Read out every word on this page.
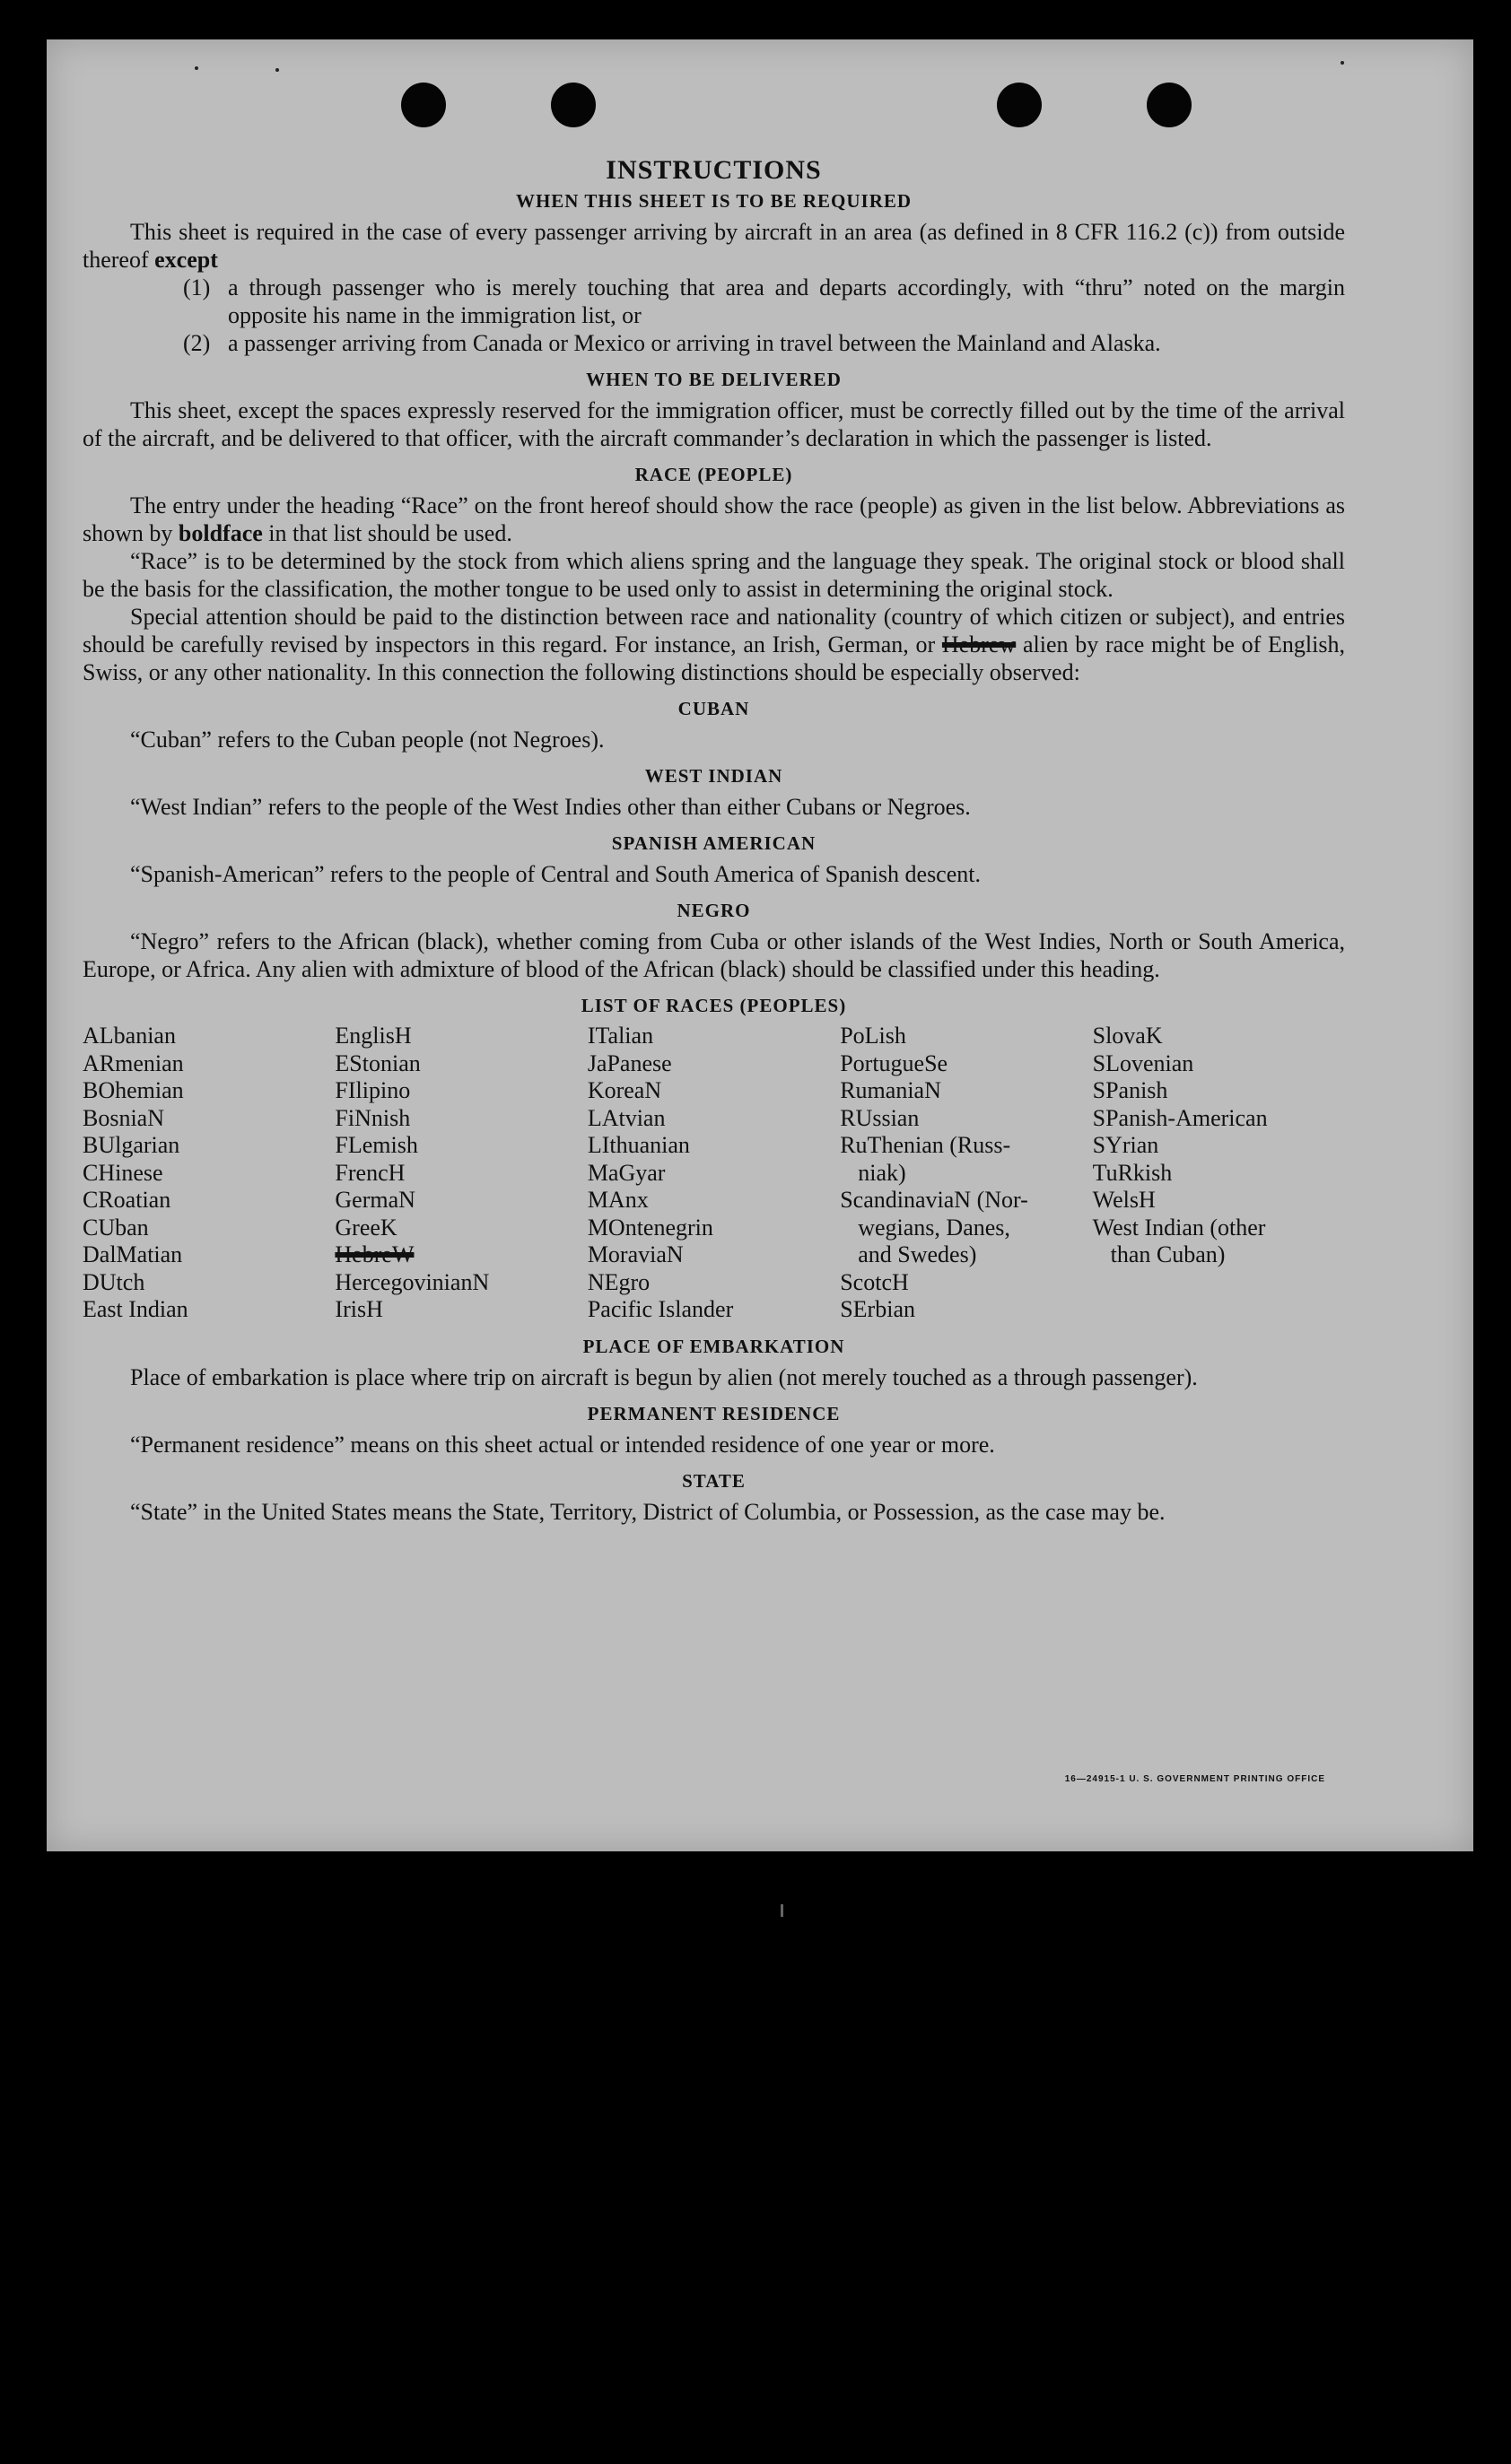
INSTRUCTIONS
WHEN THIS SHEET IS TO BE REQUIRED

This sheet is required in the case of every passenger arriving by aircraft in an area (as defined in 8 CFR 116.2 (c)) from outside thereof except

(1) a through passenger who is merely touching that area and departs accordingly, with “thru” noted on the margin opposite his name in the immigration list, or
(2) a passenger arriving from Canada or Mexico or arriving in travel between the Mainland and Alaska.
WHEN TO BE DELIVERED

This sheet, except the spaces expressly reserved for the immigration officer, must be correctly filled out by the time of the arrival of the aircraft, and be delivered to that officer, with the aircraft commander’s declaration in which the passenger is listed.

RACE (PEOPLE)

The entry under the heading “Race” on the front hereof should show the race (people) as given in the list below. Abbreviations as shown by boldface in that list should be used.

“Race” is to be determined by the stock from which aliens spring and the language they speak. The original stock or blood shall be the basis for the classification, the mother tongue to be used only to assist in determining the original stock.

Special attention should be paid to the distinction between race and nationality (country of which citizen or subject), and entries should be carefully revised by inspectors in this regard. For instance, an Irish, German, or Hebrew alien by race might be of English, Swiss, or any other nationality. In this connection the following distinctions should be especially observed:

CUBAN

“Cuban” refers to the Cuban people (not Negroes).

WEST INDIAN

“West Indian” refers to the people of the West Indies other than either Cubans or Negroes.

SPANISH AMERICAN

“Spanish-American” refers to the people of Central and South America of Spanish descent.

NEGRO

“Negro” refers to the African (black), whether coming from Cuba or other islands of the West Indies, North or South America, Europe, or Africa. Any alien with admixture of blood of the African (black) should be classified under this heading.

LIST OF RACES (PEOPLES)
ALbanian
ARmenian
BOhemian
BosniaN
BUlgarian
CHinese
CRoatian
CUban
DalMatian
DUtch
East Indian
EnglisH
EStonian
FIlipino
FiNnish
FLemish
FrencH
GermaN
GreeK
HebreW
HercegovinianN
IrisH
ITalian
JaPanese
KoreaN
LAtvian
LIthuanian
MaGyar
MAnx
MOntenegrin
MoraviaN
NEgro
Pacific Islander
PoLish
PortugueSe
RumaniaN
RUssian
RuThenian (Russ-
niak)
ScandinaviaN (Nor-
wegians, Danes,
and Swedes)
ScotcH
SErbian
SlovaK
SLovenian
SPanish
SPanish-American
SYrian
TuRkish
WelsH
West Indian (other
than Cuban)
PLACE OF EMBARKATION

Place of embarkation is place where trip on aircraft is begun by alien (not merely touched as a through passenger).

PERMANENT RESIDENCE

“Permanent residence” means on this sheet actual or intended residence of one year or more.

STATE

“State” in the United States means the State, Territory, District of Columbia, or Possession, as the case may be.

16—24915-1 U. S. GOVERNMENT PRINTING OFFICE
